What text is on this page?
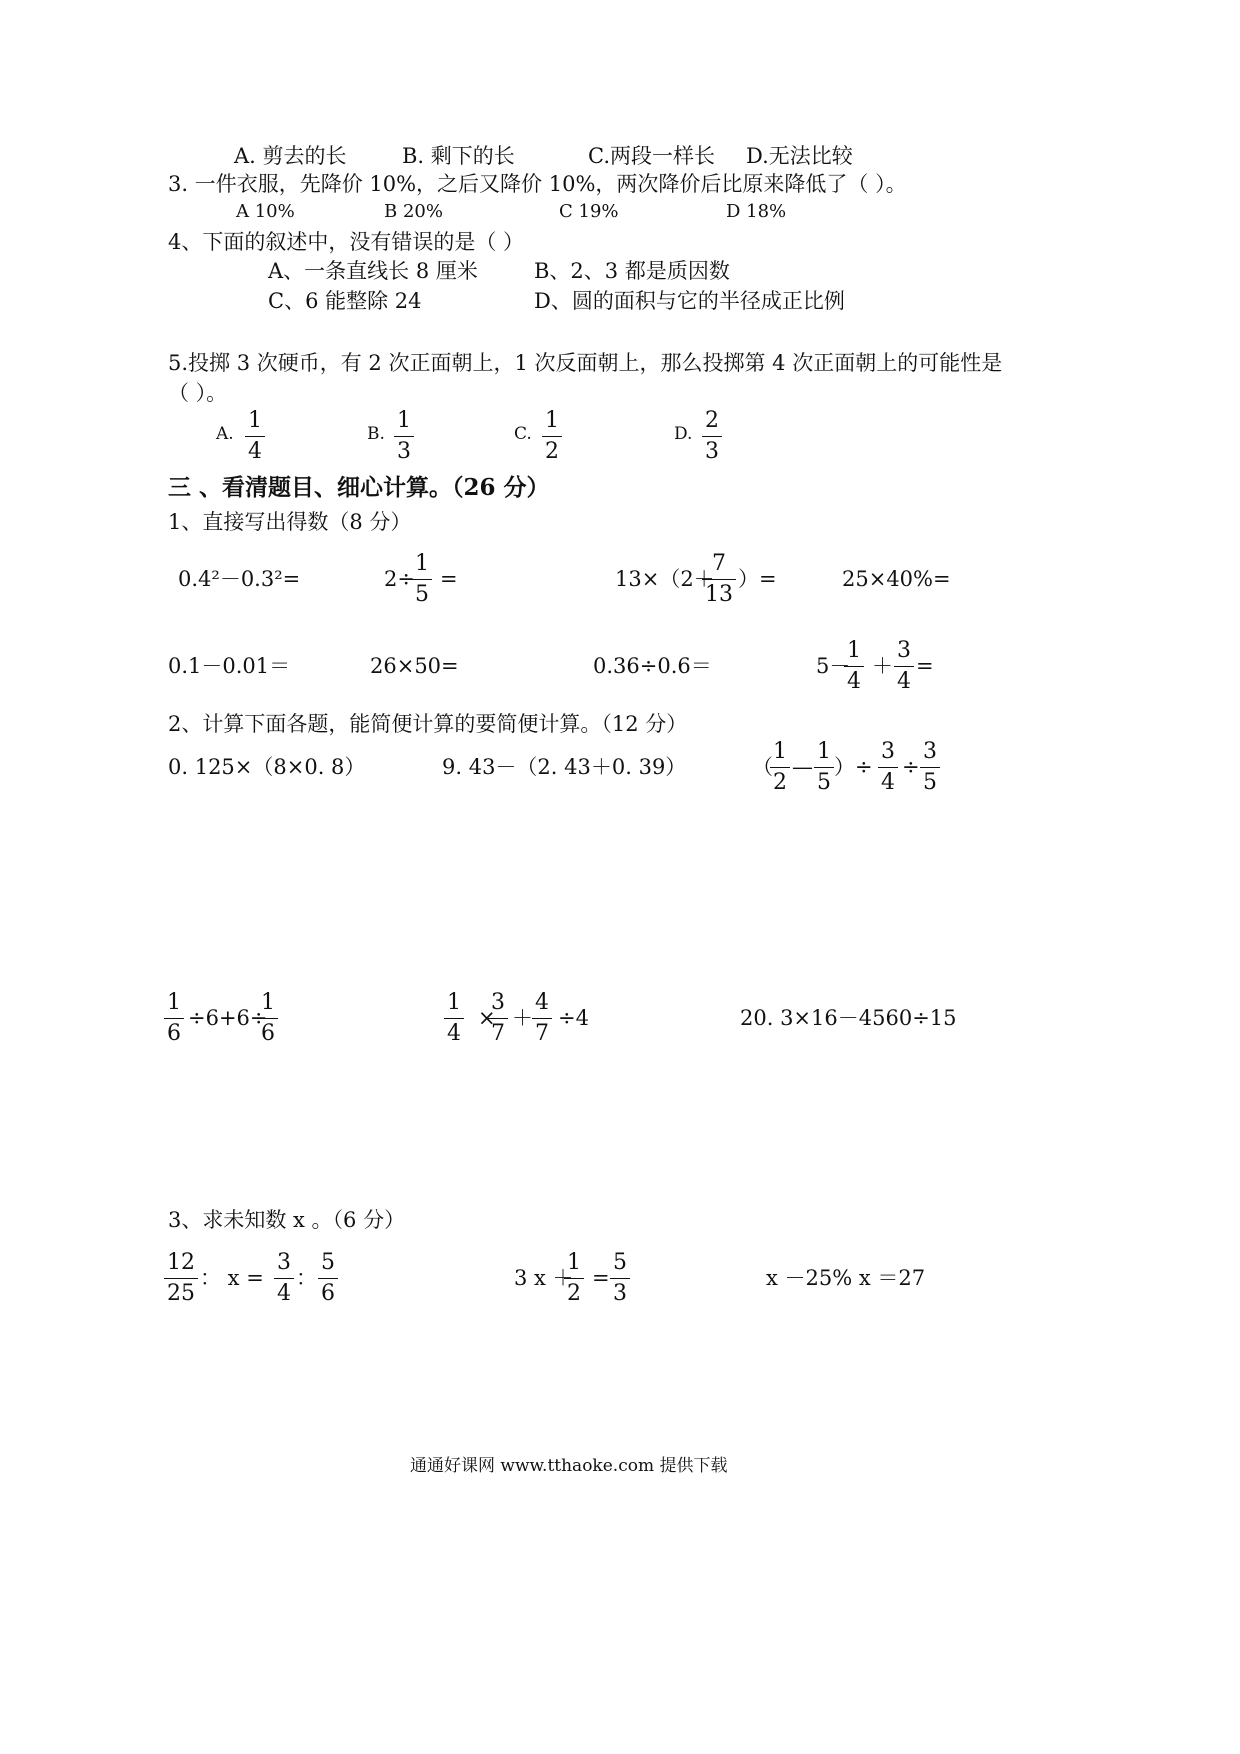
A. 剪去的长	B. 剩下的长	C.两段一样长 D.无法比较
3. 一件衣服，先降价 10%，之后又降价 10%，两次降价后比原来降低了（ ）。
A 10%	B 20%	C 19%	D 18%
4、下面的叙述中，没有错误的是（ ）
A、一条直线长 8 厘米	B、2、3 都是质因数
C、6 能整除 24	D、圆的面积与它的半径成正比例
5.投掷 3 次硬币，有 2 次正面朝上，1 次反面朝上，那么投掷第 4 次正面朝上的可能性是
（ ）。
A. $\frac{1}{4}$	B. $\frac{1}{3}$	C. $\frac{1}{2}$	D. $\frac{2}{3}$
三 、看清题目、细心计算。（26 分）
1、直接写出得数（8 分）
0.4²－0.3²=	2÷
$\frac{1}{5}$ =	13×（2＋
$\frac{7}{13}$ ）=	25×40%=
0.1－0.01＝	26×50=	0.36÷0.6＝	5－
$\frac{1}{4} + \frac{3}{4}$ =
2、计算下面各题，能简便计算的要简便计算。（12 分）
0. 125×（8×0. 8）	9. 43－（2. 43＋0. 39）	（
$\frac{1}{2}$ — $\frac{1}{5}$ ）÷ $\frac{3}{4} \div \frac{3}{5}$
$\frac{1}{6} \div 6+6\div$
$\frac{1}{6}$	$\frac{1}{4}$ ×
$\frac{3}{7} + \frac{4}{7} \div 4$	20. 3×16－4560÷15
3、求未知数 x 。（6 分）
$\frac{12}{25}$ ： $x = \frac{3}{4}$ ： $\frac{5}{6}$	3 x ＋
$\frac{1}{2} = \frac{5}{3}$	x －25% x ＝27
通通好课网 www.tthaoke.com 提供下载
